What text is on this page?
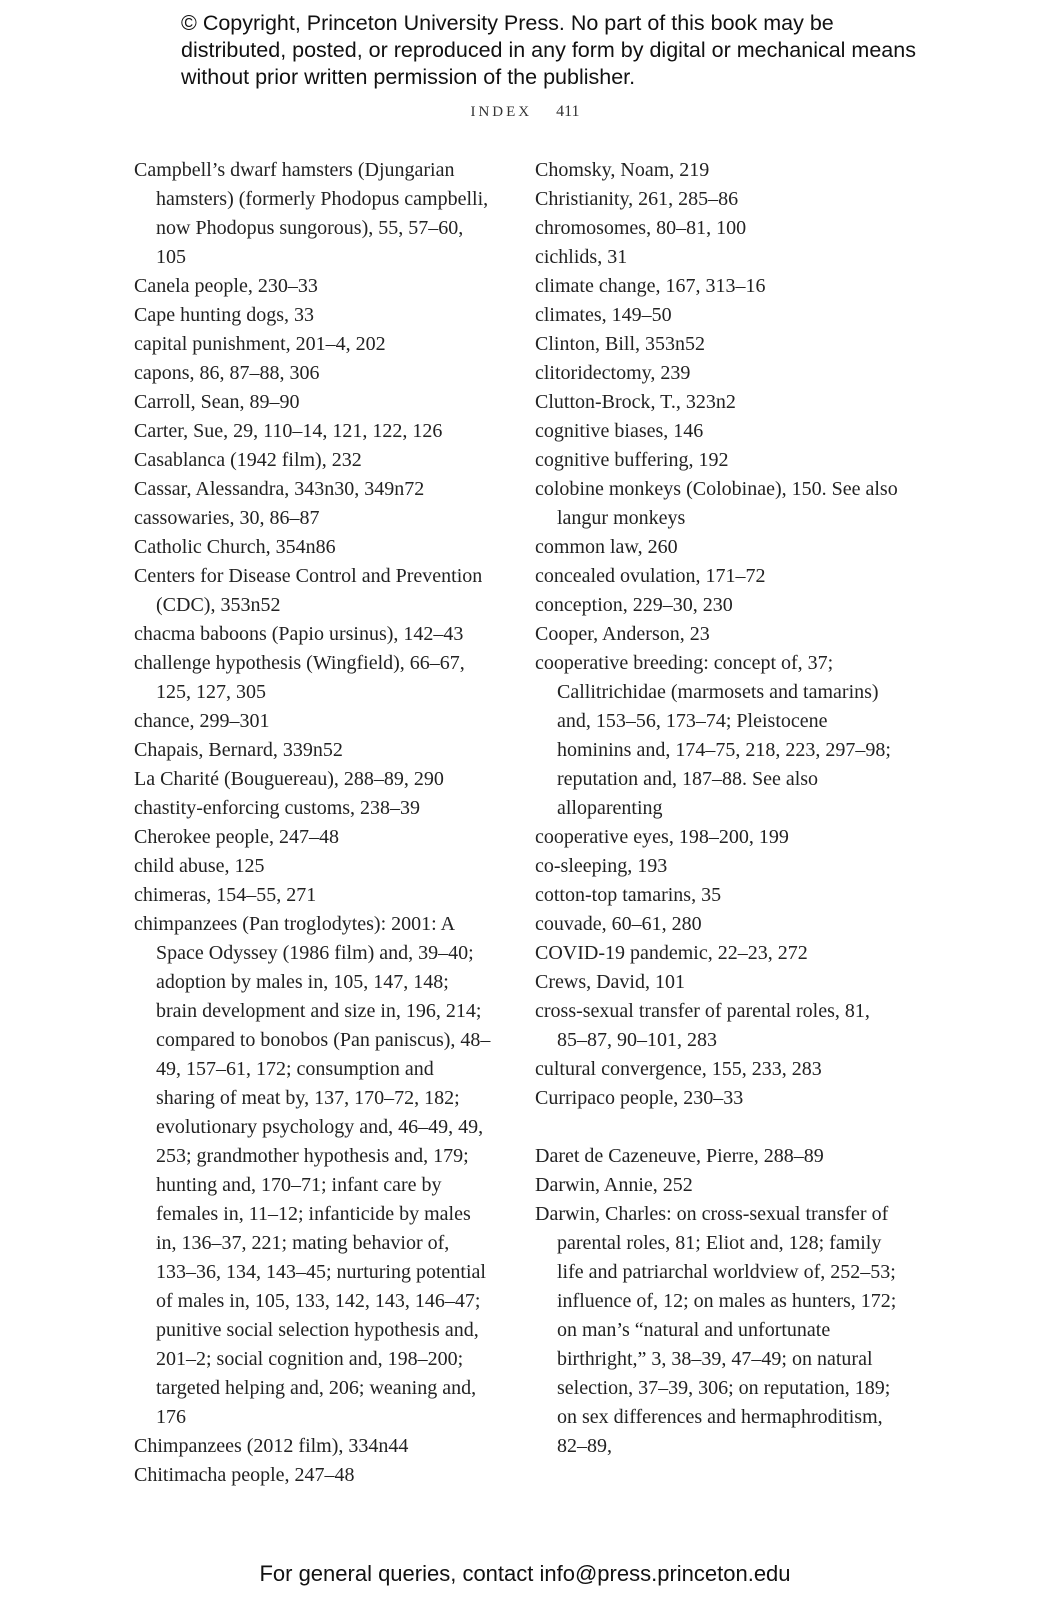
© Copyright, Princeton University Press. No part of this book may be distributed, posted, or reproduced in any form by digital or mechanical means without prior written permission of the publisher.
INDEX 411
Campbell’s dwarf hamsters (Djungarian hamsters) (formerly Phodopus campbelli, now Phodopus sungorous), 55, 57–60, 105
Canela people, 230–33
Cape hunting dogs, 33
capital punishment, 201–4, 202
capons, 86, 87–88, 306
Carroll, Sean, 89–90
Carter, Sue, 29, 110–14, 121, 122, 126
Casablanca (1942 film), 232
Cassar, Alessandra, 343n30, 349n72
cassowaries, 30, 86–87
Catholic Church, 354n86
Centers for Disease Control and Prevention (CDC), 353n52
chacma baboons (Papio ursinus), 142–43
challenge hypothesis (Wingfield), 66–67, 125, 127, 305
chance, 299–301
Chapais, Bernard, 339n52
La Charité (Bouguereau), 288–89, 290
chastity-enforcing customs, 238–39
Cherokee people, 247–48
child abuse, 125
chimeras, 154–55, 271
chimpanzees (Pan troglodytes): 2001: A Space Odyssey (1986 film) and, 39–40; adoption by males in, 105, 147, 148; brain development and size in, 196, 214; compared to bonobos (Pan paniscus), 48–49, 157–61, 172; consumption and sharing of meat by, 137, 170–72, 182; evolutionary psychology and, 46–49, 49, 253; grandmother hypothesis and, 179; hunting and, 170–71; infant care by females in, 11–12; infanticide by males in, 136–37, 221; mating behavior of, 133–36, 134, 143–45; nurturing potential of males in, 105, 133, 142, 143, 146–47; punitive social selection hypothesis and, 201–2; social cognition and, 198–200; targeted helping and, 206; weaning and, 176
Chimpanzees (2012 film), 334n44
Chitimacha people, 247–48
Chomsky, Noam, 219
Christianity, 261, 285–86
chromosomes, 80–81, 100
cichlids, 31
climate change, 167, 313–16
climates, 149–50
Clinton, Bill, 353n52
clitoridectomy, 239
Clutton-Brock, T., 323n2
cognitive biases, 146
cognitive buffering, 192
colobine monkeys (Colobinae), 150. See also langur monkeys
common law, 260
concealed ovulation, 171–72
conception, 229–30, 230
Cooper, Anderson, 23
cooperative breeding: concept of, 37; Callitrichidae (marmosets and tamarins) and, 153–56, 173–74; Pleistocene hominins and, 174–75, 218, 223, 297–98; reputation and, 187–88. See also alloparenting
cooperative eyes, 198–200, 199
co-sleeping, 193
cotton-top tamarins, 35
couvade, 60–61, 280
COVID-19 pandemic, 22–23, 272
Crews, David, 101
cross-sexual transfer of parental roles, 81, 85–87, 90–101, 283
cultural convergence, 155, 233, 283
Curripaco people, 230–33
Daret de Cazeneuve, Pierre, 288–89
Darwin, Annie, 252
Darwin, Charles: on cross-sexual transfer of parental roles, 81; Eliot and, 128; family life and patriarchal worldview of, 252–53; influence of, 12; on males as hunters, 172; on man’s “natural and unfortunate birthright,” 3, 38–39, 47–49; on natural selection, 37–39, 306; on reputation, 189; on sex differences and hermaphroditism, 82–89,
For general queries, contact info@press.princeton.edu
